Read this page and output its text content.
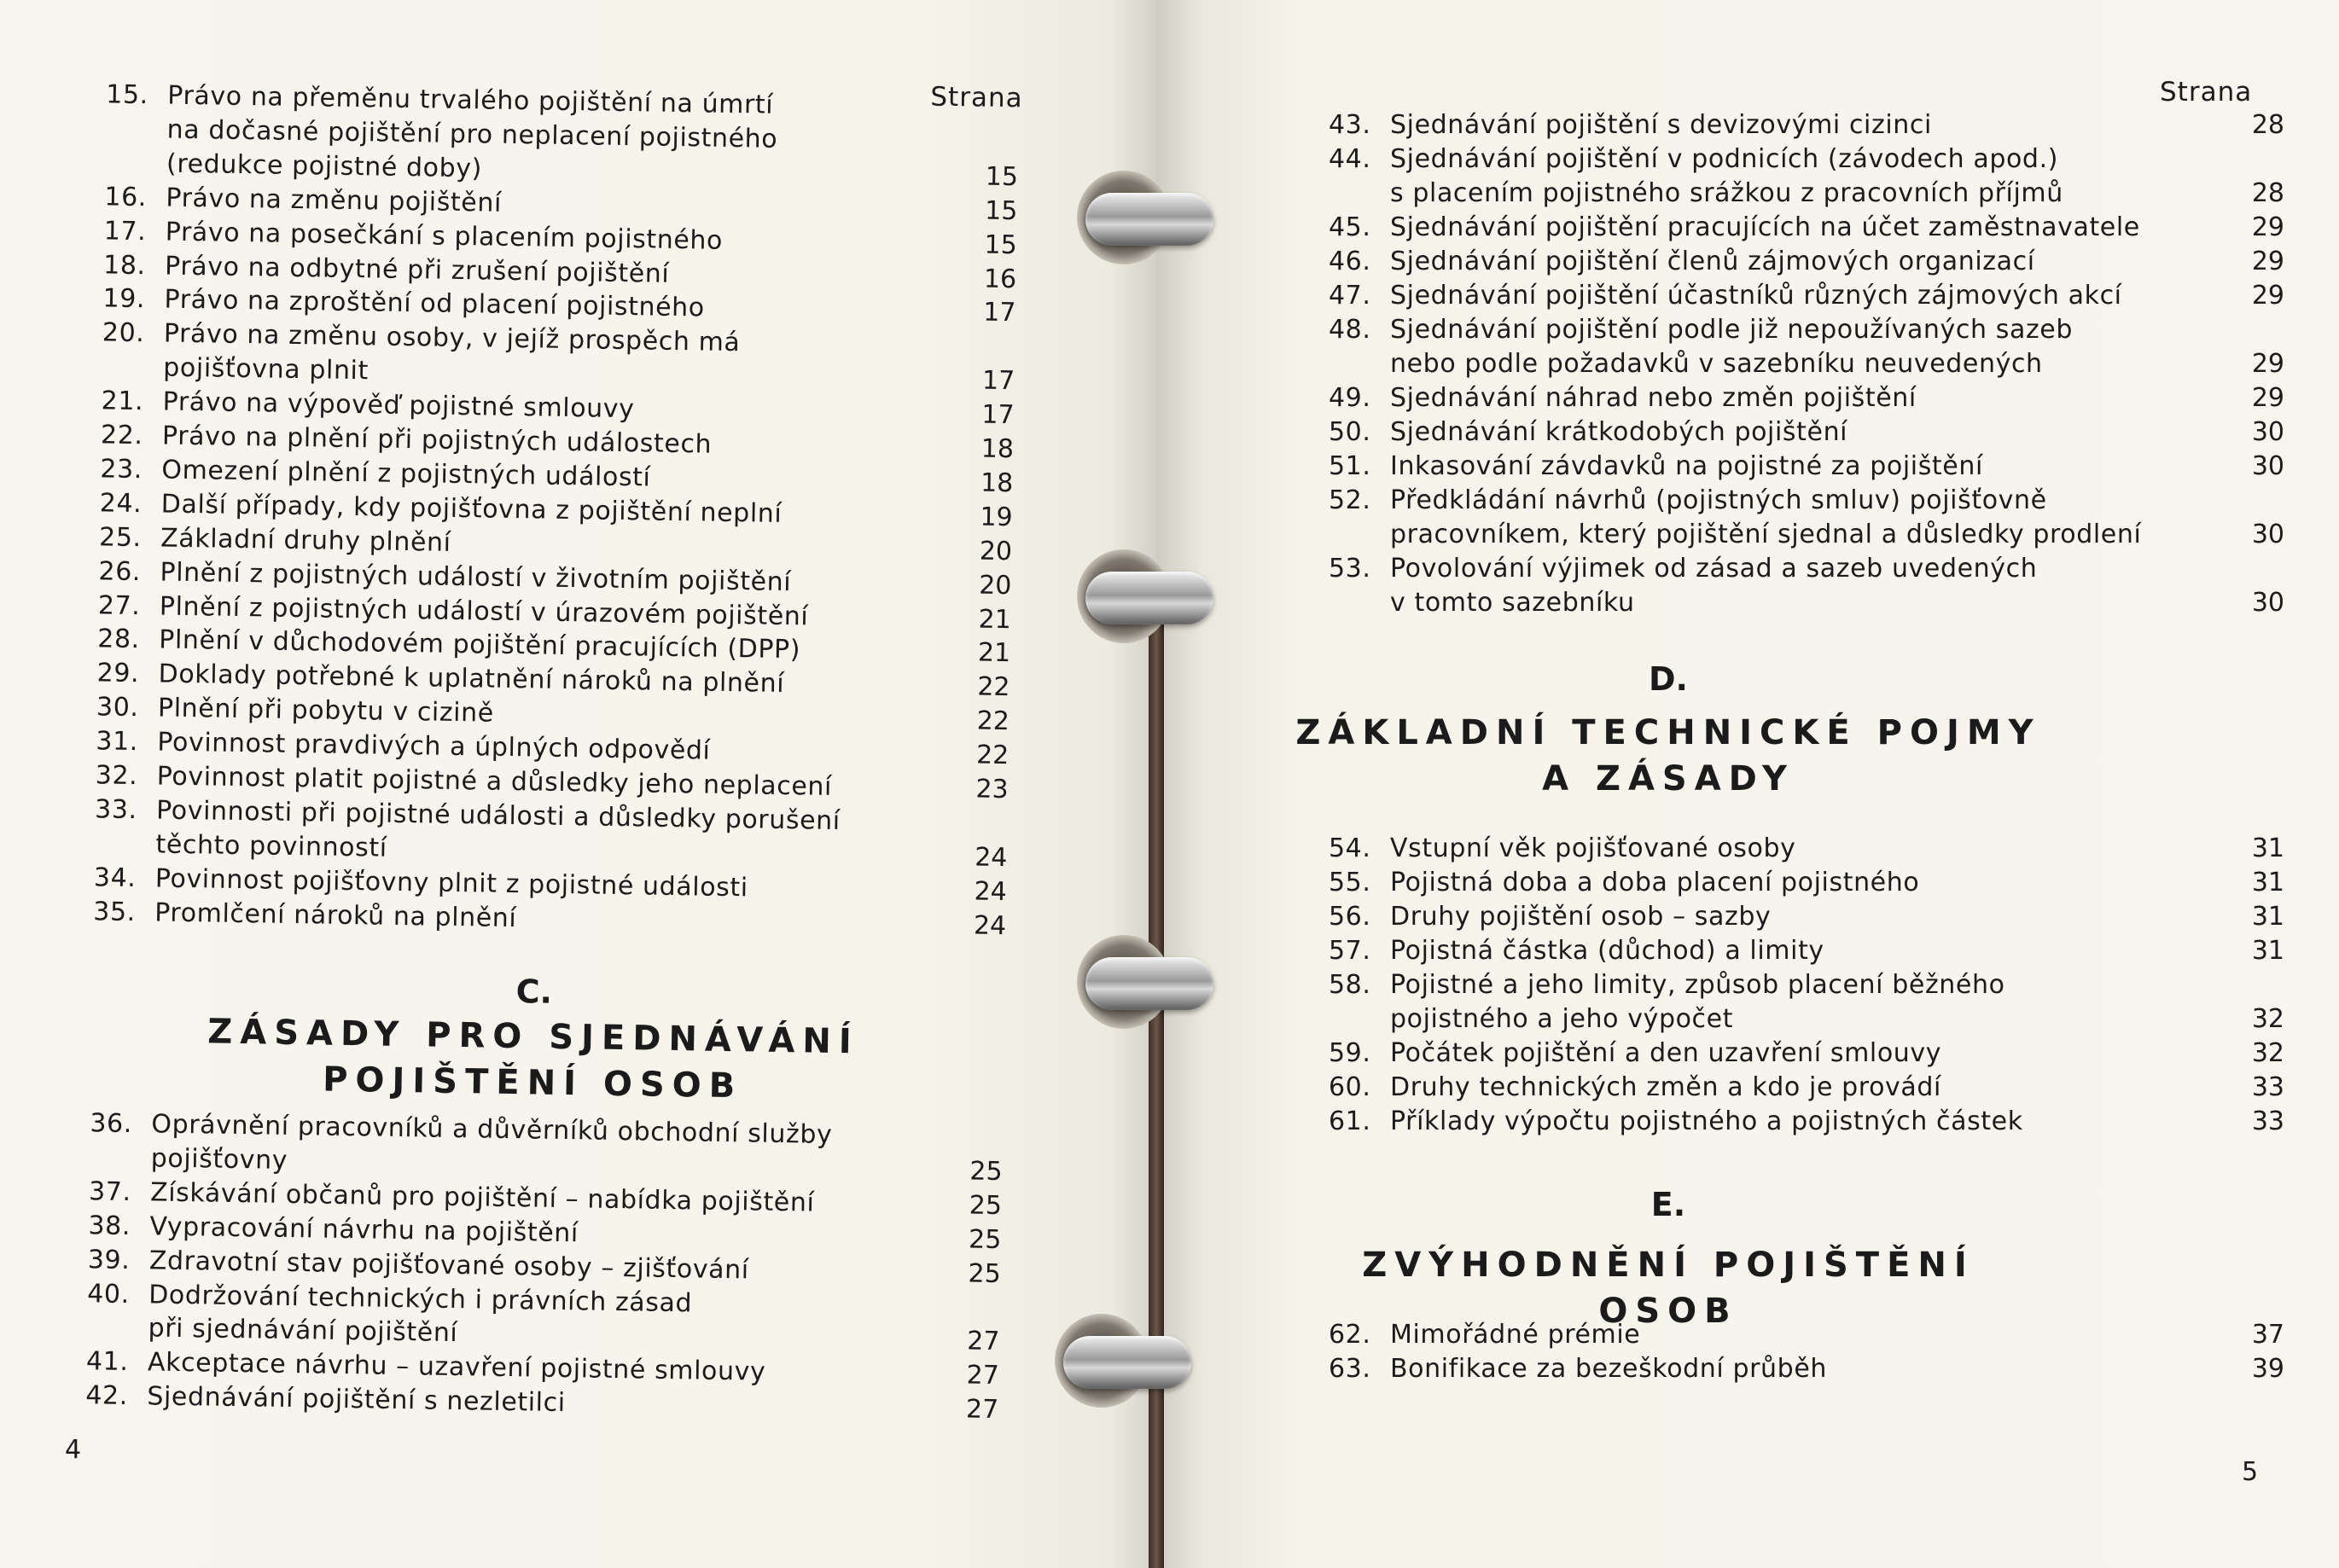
Strana
15. Právo na přeměnu trvalého pojištění na úmrtí
na dočasné pojištění pro neplacení pojistného
(redukce pojistné doby)	15
16. Právo na změnu pojištění	15
17. Právo na posečkání s placením pojistného	15
18. Právo na odbytné při zrušení pojištění	16
19. Právo na zproštění od placení pojistného	17
20. Právo na změnu osoby, v jejíž prospěch má
pojišťovna plnit	17
21. Právo na výpověď pojistné smlouvy	17
22. Právo na plnění při pojistných událostech	18
23. Omezení plnění z pojistných událostí	18
24. Další případy, kdy pojišťovna z pojištění neplní	19
25. Základní druhy plnění	20
26. Plnění z pojistných událostí v životním pojištění	20
27. Plnění z pojistných událostí v úrazovém pojištění	21
28. Plnění v důchodovém pojištění pracujících (DPP)	21
29. Doklady potřebné k uplatnění nároků na plnění	22
30. Plnění při pobytu v cizině	22
31. Povinnost pravdivých a úplných odpovědí	22
32. Povinnost platit pojistné a důsledky jeho neplacení	23
33. Povinnosti při pojistné události a důsledky porušení
těchto povinností	24
34. Povinnost pojišťovny plnit z pojistné události	24
35. Promlčení nároků na plnění	24
C.
ZÁSADY PRO SJEDNÁVÁNÍ
POJIŠTĚNÍ OSOB
36. Oprávnění pracovníků a důvěrníků obchodní služby
pojišťovny	25
37. Získávání občanů pro pojištění – nabídka pojištění	25
38. Vypracování návrhu na pojištění	25
39. Zdravotní stav pojišťované osoby – zjišťování	25
40. Dodržování technických i právních zásad
při sjednávání pojištění	27
41. Akceptace návrhu – uzavření pojistné smlouvy	27
42. Sjednávání pojištění s nezletilci	27
4
Strana
43. Sjednávání pojištění s devizovými cizinci	28
44. Sjednávání pojištění v podnicích (závodech apod.)
s placením pojistného srážkou z pracovních příjmů	28
45. Sjednávání pojištění pracujících na účet zaměstnavatele	29
46. Sjednávání pojištění členů zájmových organizací	29
47. Sjednávání pojištění účastníků různých zájmových akcí	29
48. Sjednávání pojištění podle již nepoužívaných sazeb
nebo podle požadavků v sazebníku neuvedených	29
49. Sjednávání náhrad nebo změn pojištění	29
50. Sjednávání krátkodobých pojištění	30
51. Inkasování závdavků na pojistné za pojištění	30
52. Předkládání návrhů (pojistných smluv) pojišťovně
pracovníkem, který pojištění sjednal a důsledky prodlení	30
53. Povolování výjimek od zásad a sazeb uvedených
v tomto sazebníku	30
D.
ZÁKLADNÍ TECHNICKÉ POJMY
A ZÁSADY
54. Vstupní věk pojišťované osoby	31
55. Pojistná doba a doba placení pojistného	31
56. Druhy pojištění osob – sazby	31
57. Pojistná částka (důchod) a limity	31
58. Pojistné a jeho limity, způsob placení běžného
pojistného a jeho výpočet	32
59. Počátek pojištění a den uzavření smlouvy	32
60. Druhy technických změn a kdo je provádí	33
61. Příklady výpočtu pojistného a pojistných částek	33
E.
ZVÝHODNĚNÍ POJIŠTĚNÍ OSOB
62. Mimořádné prémie	37
63. Bonifikace za bezeškodní průběh	39
5
